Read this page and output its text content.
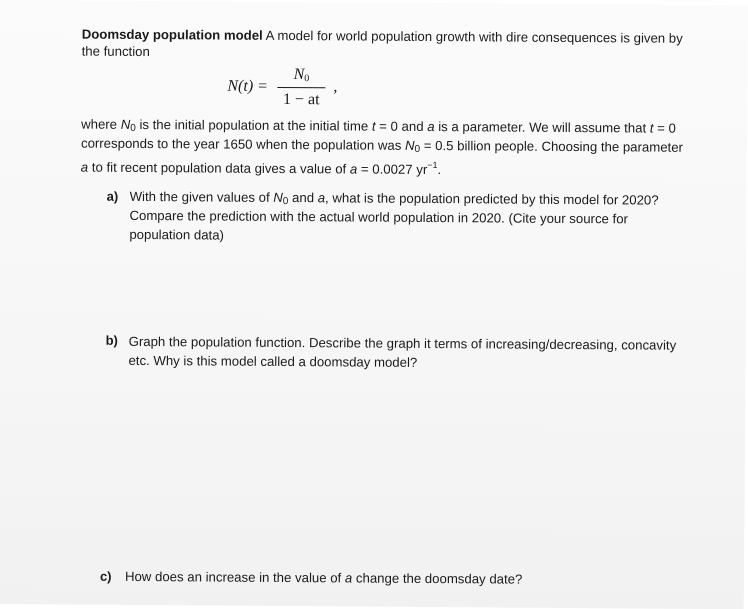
Doomsday population model A model for world population growth with dire consequences is given by
the function
N(t) =
$N_0$
1 − at
,
where $N_0$ is the initial population at the initial time t = 0 and a is a parameter. We will assume that t = 0
corresponds to the year 1650 when the population was $N_0 = 0.5$ billion people. Choosing the parameter
a to fit recent population data gives a value of a = 0.0027 $yr^{-1}$.
a) With the given values of $N_0$ and a, what is the population predicted by this model for 2020?
Compare the prediction with the actual world population in 2020. (Cite your source for
population data)
b) Graph the population function. Describe the graph it terms of increasing/decreasing, concavity
etc. Why is this model called a doomsday model?
c) How does an increase in the value of a change the doomsday date?
